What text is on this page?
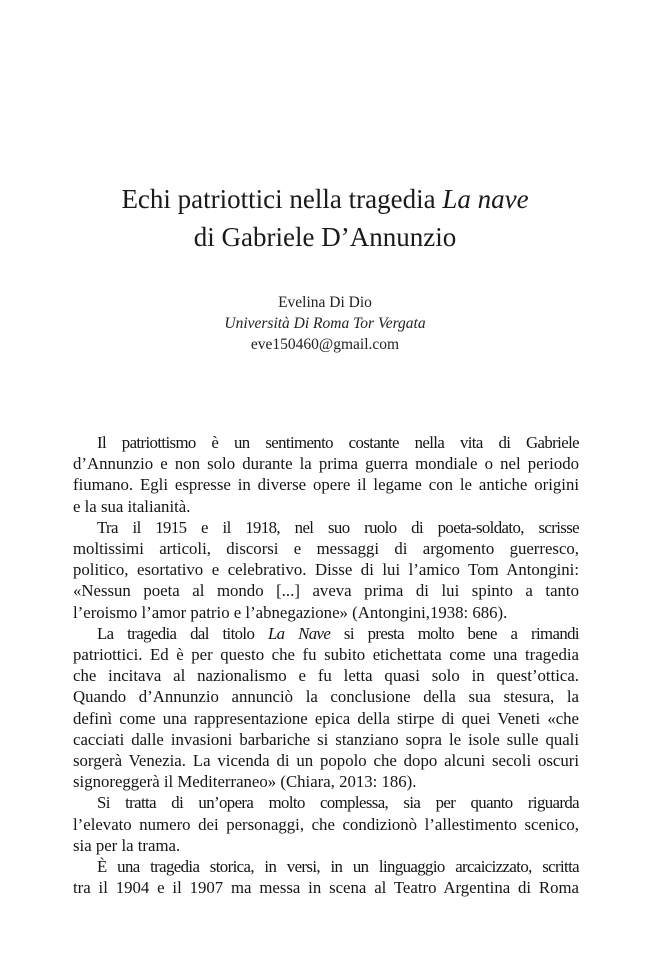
Echi patriottici nella tragedia La nave
di Gabriele D’Annunzio
Evelina Di Dio
Università Di Roma Tor Vergata
eve150460@gmail.com

Il patriottismo è un sentimento costante nella vita di Gabriele
d’Annunzio e non solo durante la prima guerra mondiale o nel periodo
fiumano. Egli espresse in diverse opere il legame con le antiche origini
e la sua italianità.

Tra il 1915 e il 1918, nel suo ruolo di poeta-soldato, scrisse
moltissimi articoli, discorsi e messaggi di argomento guerresco,
politico, esortativo e celebrativo. Disse di lui l’amico Tom Antongini:
«Nessun poeta al mondo [...] aveva prima di lui spinto a tanto
l’eroismo l’amor patrio e l’abnegazione» (Antongini,1938: 686).

La tragedia dal titolo La Nave si presta molto bene a rimandi
patriottici. Ed è per questo che fu subito etichettata come una tragedia
che incitava al nazionalismo e fu letta quasi solo in quest’ottica.
Quando d’Annunzio annunciò la conclusione della sua stesura, la
definì come una rappresentazione epica della stirpe di quei Veneti «che
cacciati dalle invasioni barbariche si stanziano sopra le isole sulle quali
sorgerà Venezia. La vicenda di un popolo che dopo alcuni secoli oscuri
signoreggerà il Mediterraneo» (Chiara, 2013: 186).

Si tratta di un’opera molto complessa, sia per quanto riguarda
l’elevato numero dei personaggi, che condizionò l’allestimento scenico,
sia per la trama.

È una tragedia storica, in versi, in un linguaggio arcaicizzato, scritta
tra il 1904 e il 1907 ma messa in scena al Teatro Argentina di Roma
